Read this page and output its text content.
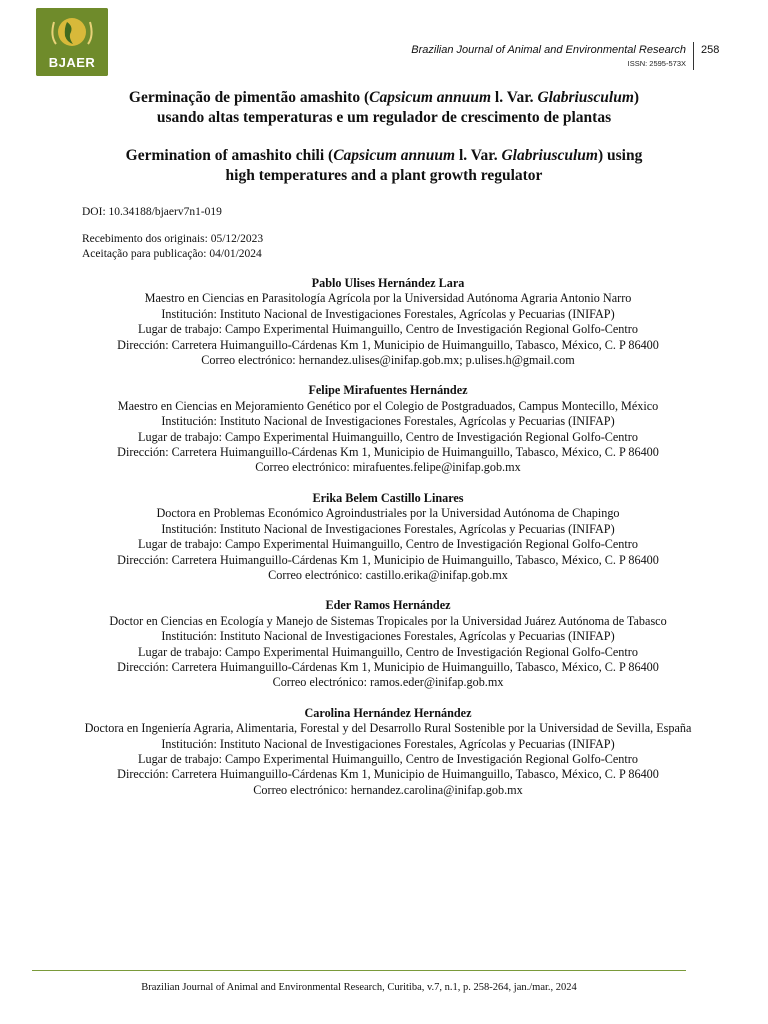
BJAER
Brazilian Journal of Animal and Environmental Research
ISSN: 2595-573X
258
Germinação de pimentão amashito (Capsicum annuum l. Var. Glabriusculum)
usando altas temperaturas e um regulador de crescimento de plantas
Germination of amashito chili (Capsicum annuum l. Var. Glabriusculum) using
high temperatures and a plant growth regulator
DOI: 10.34188/bjaerv7n1-019
Recebimento dos originais: 05/12/2023
Aceitação para publicação: 04/01/2024
Pablo Ulises Hernández Lara
Maestro en Ciencias en Parasitología Agrícola por la Universidad Autónoma Agraria Antonio Narro
Institución: Instituto Nacional de Investigaciones Forestales, Agrícolas y Pecuarias (INIFAP)
Lugar de trabajo: Campo Experimental Huimanguillo, Centro de Investigación Regional Golfo-Centro
Dirección: Carretera Huimanguillo-Cárdenas Km 1, Municipio de Huimanguillo, Tabasco, México, C. P 86400
Correo electrónico: hernandez.ulises@inifap.gob.mx; p.ulises.h@gmail.com
Felipe Mirafuentes Hernández
Maestro en Ciencias en Mejoramiento Genético por el Colegio de Postgraduados, Campus Montecillo, México
Institución: Instituto Nacional de Investigaciones Forestales, Agrícolas y Pecuarias (INIFAP)
Lugar de trabajo: Campo Experimental Huimanguillo, Centro de Investigación Regional Golfo-Centro
Dirección: Carretera Huimanguillo-Cárdenas Km 1, Municipio de Huimanguillo, Tabasco, México, C. P 86400
Correo electrónico: mirafuentes.felipe@inifap.gob.mx
Erika Belem Castillo Linares
Doctora en Problemas Económico Agroindustriales por la Universidad Autónoma de Chapingo
Institución: Instituto Nacional de Investigaciones Forestales, Agrícolas y Pecuarias (INIFAP)
Lugar de trabajo: Campo Experimental Huimanguillo, Centro de Investigación Regional Golfo-Centro
Dirección: Carretera Huimanguillo-Cárdenas Km 1, Municipio de Huimanguillo, Tabasco, México, C. P 86400
Correo electrónico: castillo.erika@inifap.gob.mx
Eder Ramos Hernández
Doctor en Ciencias en Ecología y Manejo de Sistemas Tropicales por la Universidad Juárez Autónoma de Tabasco
Institución: Instituto Nacional de Investigaciones Forestales, Agrícolas y Pecuarias (INIFAP)
Lugar de trabajo: Campo Experimental Huimanguillo, Centro de Investigación Regional Golfo-Centro
Dirección: Carretera Huimanguillo-Cárdenas Km 1, Municipio de Huimanguillo, Tabasco, México, C. P 86400
Correo electrónico: ramos.eder@inifap.gob.mx
Carolina Hernández Hernández
Doctora en Ingeniería Agraria, Alimentaria, Forestal y del Desarrollo Rural Sostenible por la Universidad de Sevilla, España
Institución: Instituto Nacional de Investigaciones Forestales, Agrícolas y Pecuarias (INIFAP)
Lugar de trabajo: Campo Experimental Huimanguillo, Centro de Investigación Regional Golfo-Centro
Dirección: Carretera Huimanguillo-Cárdenas Km 1, Municipio de Huimanguillo, Tabasco, México, C. P 86400
Correo electrónico: hernandez.carolina@inifap.gob.mx
Brazilian Journal of Animal and Environmental Research, Curitiba, v.7, n.1, p. 258-264, jan./mar., 2024
